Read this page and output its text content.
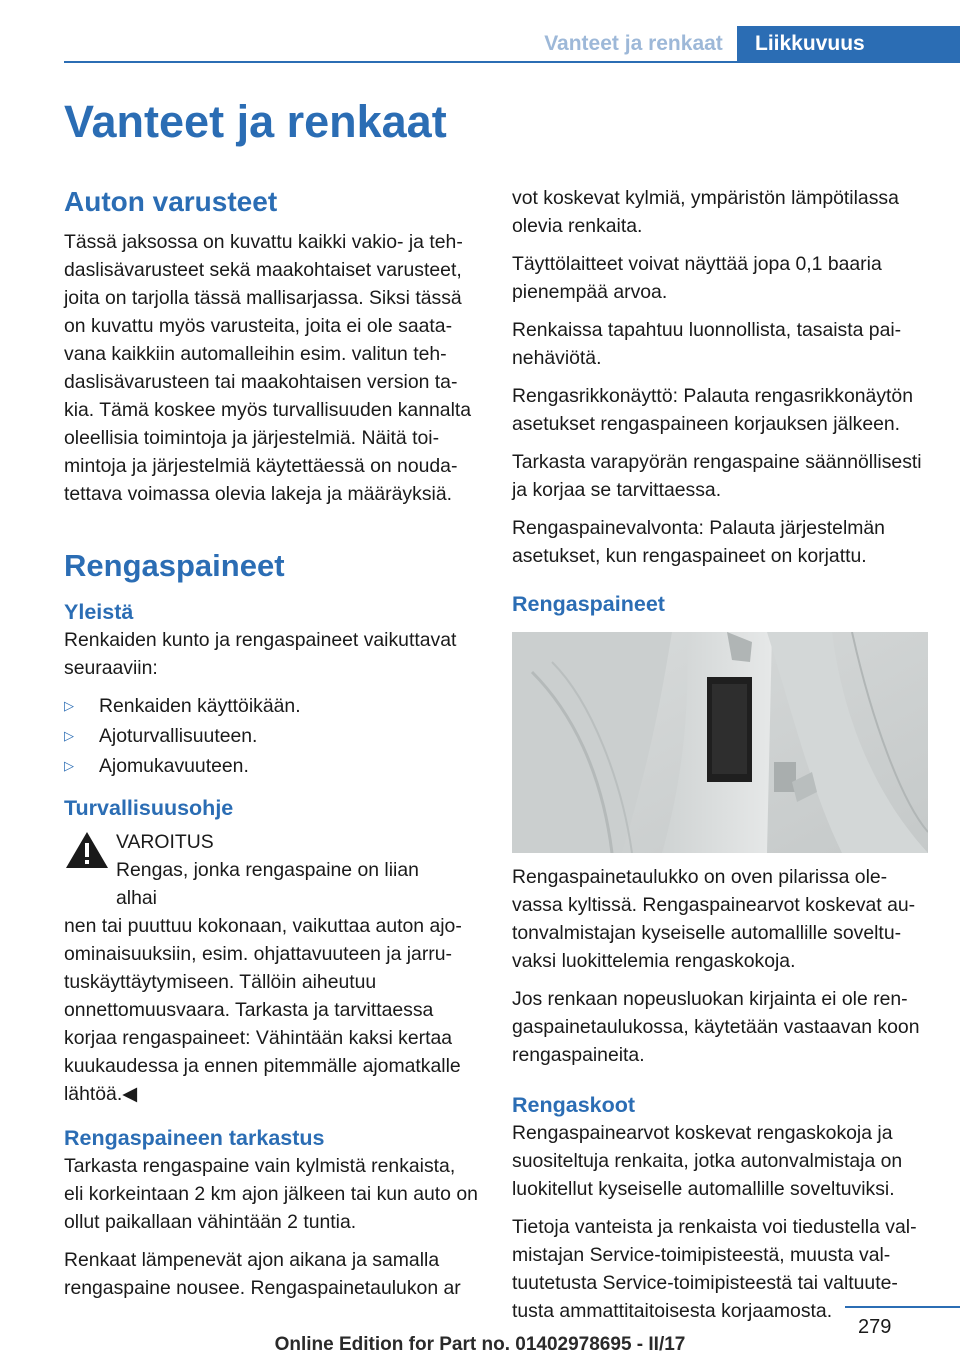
Vanteet ja renkaat	Liikkuvuus
Vanteet ja renkaat
Auton varusteet

Tässä jaksossa on kuvattu kaikki vakio- ja tehdaslisävarusteet sekä maakohtaiset varusteet, joita on tarjolla tässä mallisarjassa. Siksi tässä on kuvattu myös varusteita, joita ei ole saatavana kaikkiin automalleihin esim. valitun tehdaslisävarusteen tai maakohtaisen version takia. Tämä koskee myös turvallisuuden kannalta oleellisia toimintoja ja järjestelmiä. Näitä toimintoja ja järjestelmiä käytettäessä on noudatettava voimassa olevia lakeja ja määräyksiä.

Rengaspaineet
Yleistä

Renkaiden kunto ja rengaspaineet vaikuttavat seuraaviin:

▷	Renkaiden käyttöikään.
▷	Ajoturvallisuuteen.
▷	Ajomukavuuteen.
Turvallisuusohje
VAROITUS
Rengas, jonka rengaspaine on liian alhai

nen tai puuttuu kokonaan, vaikuttaa auton ajoominaisuuksiin, esim. ohjattavuuteen ja jarrutuskäyttäytymiseen. Tällöin aiheutuu onnettomuusvaara. Tarkasta ja tarvittaessa korjaa rengaspaineet: Vähintään kaksi kertaa kuukaudessa ja ennen pitemmälle ajomatkalle lähtöä.◀

Rengaspaineen tarkastus

Tarkasta rengaspaine vain kylmistä renkaista, eli korkeintaan 2 km ajon jälkeen tai kun auto on ollut paikallaan vähintään 2 tuntia.

Renkaat lämpenevät ajon aikana ja samalla rengaspaine nousee. Rengaspainetaulukon ar

vot koskevat kylmiä, ympäristön lämpötilassa olevia renkaita.

Täyttölaitteet voivat näyttää jopa 0,1 baaria pienempää arvoa.

Renkaissa tapahtuu luonnollista, tasaista painehäviötä.

Rengasrikkonäyttö: Palauta rengasrikkonäytön asetukset rengaspaineen korjauksen jälkeen.

Tarkasta varapyörän rengaspaine säännöllisesti ja korjaa se tarvittaessa.

Rengaspainevalvonta: Palauta järjestelmän asetukset, kun rengaspaineet on korjattu.

Rengaspaineet

Rengaspainetaulukko on oven pilarissa olevassa kyltissä. Rengaspainearvot koskevat autonvalmistajan kyseiselle automallille soveltuvaksi luokittelemia rengaskokoja.

Jos renkaan nopeusluokan kirjainta ei ole rengaspainetaulukossa, käytetään vastaavan koon rengaspaineita.

Rengaskoot

Rengaspainearvot koskevat rengaskokoja ja suositeltuja renkaita, jotka autonvalmistaja on luokitellut kyseiselle automallille soveltuviksi.

Tietoja vanteista ja renkaista voi tiedustella valmistajan Service-toimipisteestä, muusta valtuutetusta Service-toimipisteestä tai valtuutetusta ammattitaitoisesta korjaamosta.

279
Online Edition for Part no. 01402978695 - II/17
